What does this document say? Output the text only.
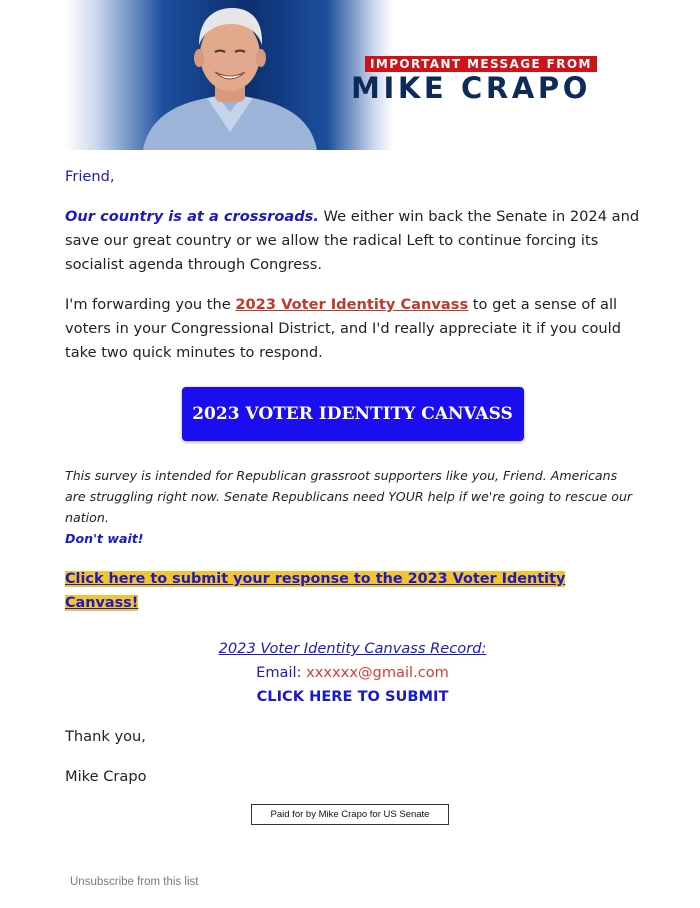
IMPORTANT MESSAGE FROM
MIKE CRAPO

Friend,

Our country is at a crossroads. We either win back the Senate in 2024 and save our great country or we allow the radical Left to continue forcing its socialist agenda through Congress.

I'm forwarding you the 2023 Voter Identity Canvass to get a sense of all voters in your Congressional District, and I'd really appreciate it if you could take two quick minutes to respond.

2023 VOTER IDENTITY CANVASS

This survey is intended for Republican grassroot supporters like you, Friend. Americans are struggling right now. Senate Republicans need YOUR help if we're going to rescue our nation.
Don't wait!

Click here to submit your response to the 2023 Voter Identity Canvass!
2023 Voter Identity Canvass Record:
Email: xxxxxx@gmail.com
CLICK HERE TO SUBMIT

Thank you,

Mike Crapo

Paid for by Mike Crapo for US Senate
Unsubscribe from this list
